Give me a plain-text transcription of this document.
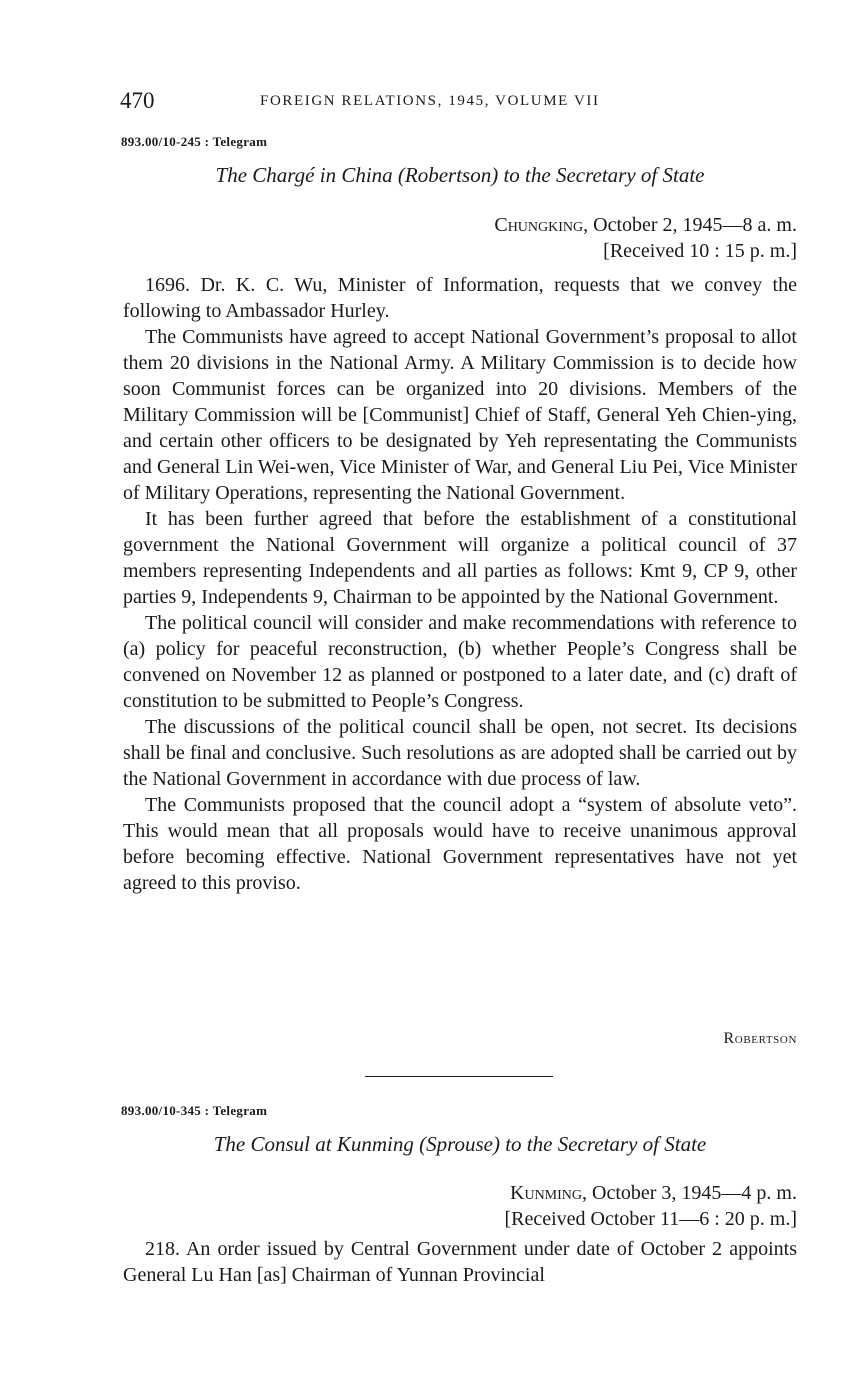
470	FOREIGN RELATIONS, 1945, VOLUME VII
893.00/10-245 : Telegram
The Chargé in China (Robertson) to the Secretary of State
Chungking, October 2, 1945—8 a. m.
[Received 10 : 15 p. m.]

1696. Dr. K. C. Wu, Minister of Information, requests that we convey the following to Ambassador Hurley.

The Communists have agreed to accept National Government’s proposal to allot them 20 divisions in the National Army. A Military Commission is to decide how soon Communist forces can be organized into 20 divisions. Members of the Military Commission will be [Communist] Chief of Staff, General Yeh Chien-ying, and certain other officers to be designated by Yeh representating the Communists and General Lin Wei-wen, Vice Minister of War, and General Liu Pei, Vice Minister of Military Operations, representing the National Government.

It has been further agreed that before the establishment of a constitutional government the National Government will organize a political council of 37 members representing Independents and all parties as follows: Kmt 9, CP 9, other parties 9, Independents 9, Chairman to be appointed by the National Government.

The political council will consider and make recommendations with reference to (a) policy for peaceful reconstruction, (b) whether People’s Congress shall be convened on November 12 as planned or postponed to a later date, and (c) draft of constitution to be submitted to People’s Congress.

The discussions of the political council shall be open, not secret. Its decisions shall be final and conclusive. Such resolutions as are adopted shall be carried out by the National Government in accordance with due process of law.

The Communists proposed that the council adopt a “system of absolute veto”. This would mean that all proposals would have to receive unanimous approval before becoming effective. National Government representatives have not yet agreed to this proviso.

Robertson
893.00/10-345 : Telegram
The Consul at Kunming (Sprouse) to the Secretary of State
Kunming, October 3, 1945—4 p. m.
[Received October 11—6 : 20 p. m.]

218. An order issued by Central Government under date of October 2 appoints General Lu Han [as] Chairman of Yunnan Provincial
